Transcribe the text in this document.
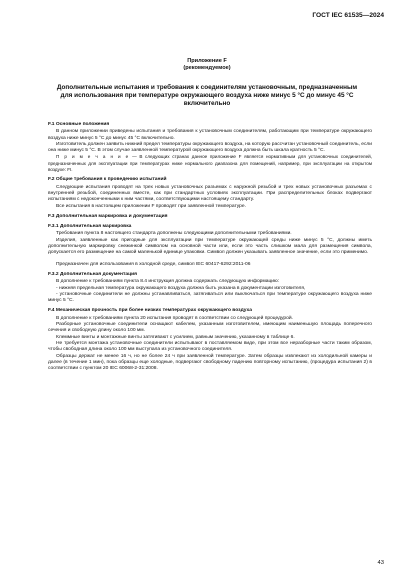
ГОСТ IEC 61535—2024
Приложение F
(рекомендуемое)
Дополнительные испытания и требования к соединителям установочным, предназначенным для использования при температуре окружающего воздуха ниже минус 5 °С до минус 45 °С включительно
F.1 Основные положения

В данном приложении приведены испытания и требования к установочным соединителям, работающим при температуре окружающего воздуха ниже минус 5 °С до минус 45 °С включительно.

Изготовитель должен заявить нижний предел температуры окружающего воздуха, на которую рассчитан установочный соединитель, если она ниже минус 5 °С. В этом случае заявленной температурой окружающего воздуха должна быть шкала кратность 5 °С.

П р и м е ч а н и е — В следующих странах данное приложение F является нормативным для установочных соединителей, предназначенных для эксплуатации при температурах ниже нормального диапазона для помещений, например, при эксплуатации на открытом воздухе: FI.

F.2 Общие требования к проведению испытаний

Следующие испытания проводят на трех новых установочных разъемах с наружной резьбой и трех новых установочных разъемах с внутренней резьбой, соединенных вместе, как при стандартных условиях эксплуатации. При распределительных блоках подвергают испытаниям с недоконченными к ним частями, соответствующими настоящему стандарту.

Все испытания в настоящем приложении F проводят при заявленной температуре.

F.3 Дополнительная маркировка и документация
F.3.1 Дополнительная маркировка

Требования пункта 8 настоящего стандарта дополнены следующими дополнительными требованиями.

Изделия, заявленные как пригодные для эксплуатации при температуре окружающей среды ниже минус 5 °С, должны иметь дополнительную маркировку снежинкой символом на основной части или, если это часть слишком мала для размещения символа, допускается его размещение на самой маленькой единице упаковки. Символ должен указывать заявленное значение, если это применимо.

Предназначен для использования в холодной среде, символ IEC 60417-6292:2011-06

F.3.2 Дополнительная документация

В дополнение к требованиям пункта 8.4 инструкция должна содержать следующую информацию:

- нижняя предельная температура окружающего воздуха должна быть указана в документации изготовителя,

- установочные соединители не должны устанавливаться, затягиваться или выключаться при температуре окружающего воздуха ниже минус 5 °С.

F.4 Механическая прочность при более низких температурах окружающего воздуха

В дополнение к требованиям пункта 20 испытания проводят в соответствии со следующей процедурой.

Разборные установочные соединители оснащают кабелем, указанным изготовителем, имеющим наименьшую площадь поперечного сечения и свободную длину около 100 мм.

Клеммные винты и монтажные винты затягивают с усилием, равным значению, указанному в таблице 6.

Не требуется монтажа установочные соединители испытывают в поставляемом виде, при этом все неразборные части таким образом, чтобы свободная длина около 100 мм выступала из установочного соединителя.

Образцы держат не менее 16 ч, но не более 24 ч при заявленной температуре. Затем образцы извлекают из холодильной камеры и далее (в течение 1 мин), пока образцы еще холодные, подвергают свободному падению повторному испытанию, (процедура испытания 2) в соответствии с пунктом 20 IEC 60068-2-31:2008.

43
